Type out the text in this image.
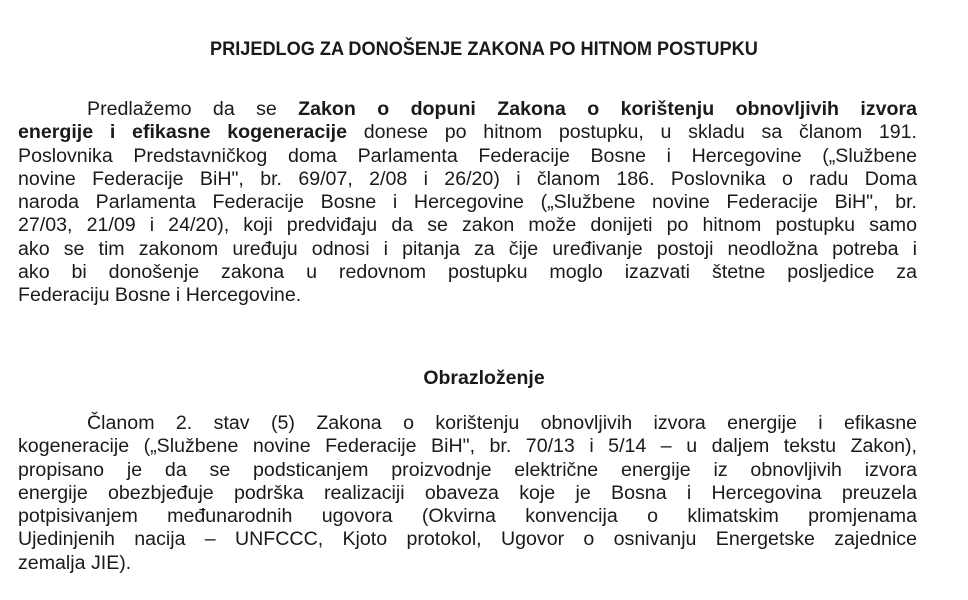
PRIJEDLOG ZA DONOŠENJE ZAKONA PO HITNOM POSTUPKU
Predlažemo da se Zakon o dopuni Zakona o korištenju obnovljivih izvora
energije i efikasne kogeneracije donese po hitnom postupku, u skladu sa članom 191.
Poslovnika Predstavničkog doma Parlamenta Federacije Bosne i Hercegovine („Službene
novine Federacije BiH", br. 69/07, 2/08 i 26/20) i članom 186. Poslovnika o radu Doma
naroda Parlamenta Federacije Bosne i Hercegovine („Službene novine Federacije BiH", br.
27/03, 21/09 i 24/20), koji predviđaju da se zakon može donijeti po hitnom postupku samo
ako se tim zakonom uređuju odnosi i pitanja za čije uređivanje postoji neodložna potreba i
ako bi donošenje zakona u redovnom postupku moglo izazvati štetne posljedice za
Federaciju Bosne i Hercegovine.
Obrazloženje
Članom 2. stav (5) Zakona o korištenju obnovljivih izvora energije i efikasne
kogeneracije („Službene novine Federacije BiH", br. 70/13 i 5/14 – u daljem tekstu Zakon),
propisano je da se podsticanjem proizvodnje električne energije iz obnovljivih izvora
energije obezbjeđuje podrška realizaciji obaveza koje je Bosna i Hercegovina preuzela
potpisivanjem međunarodnih ugovora (Okvirna konvencija o klimatskim promjenama
Ujedinjenih nacija – UNFCCC, Kjoto protokol, Ugovor o osnivanju Energetske zajednice
zemalja JIE).
